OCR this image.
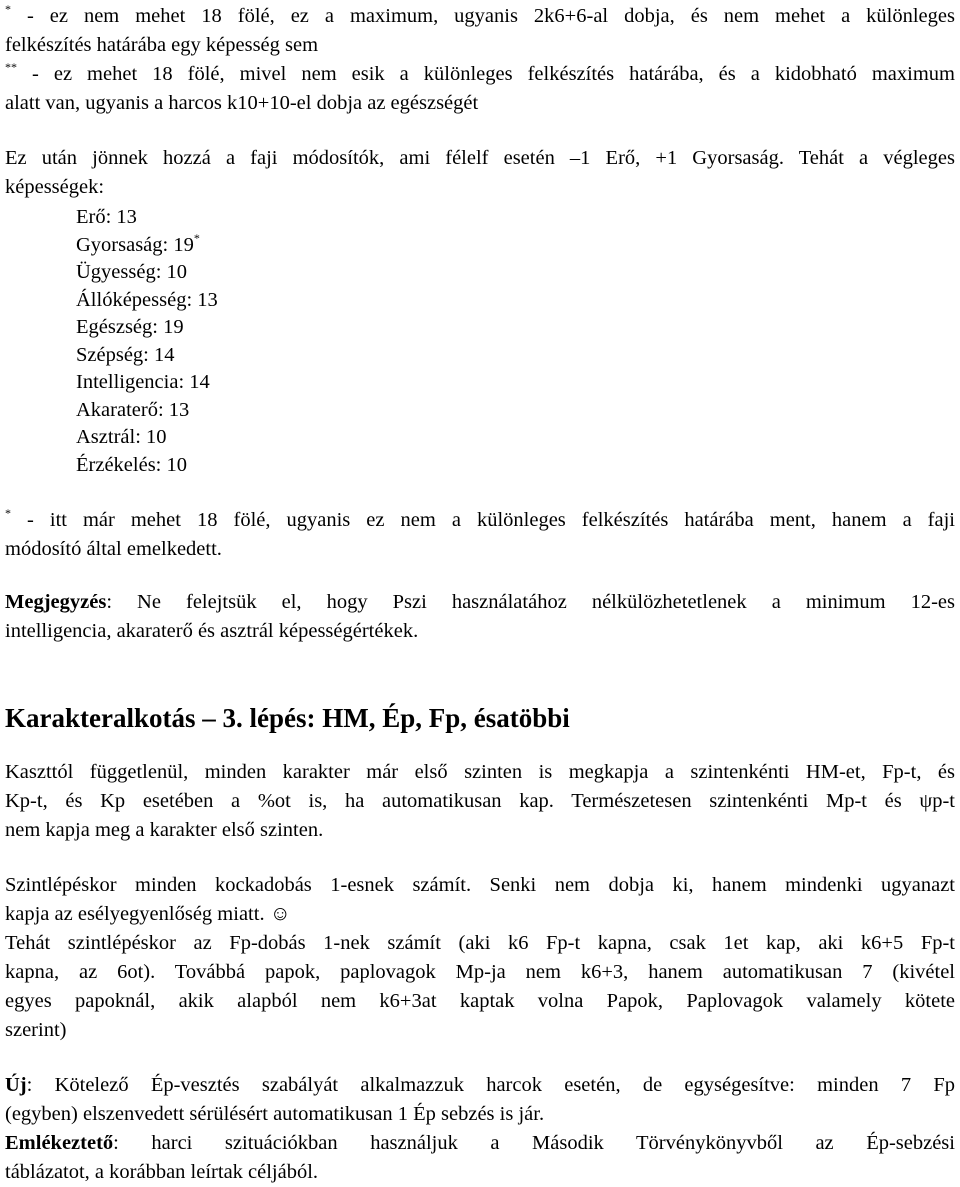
* - ez nem mehet 18 fölé, ez a maximum, ugyanis 2k6+6-al dobja, és nem mehet a különleges

felkészítés határába egy képesség sem

** - ez mehet 18 fölé, mivel nem esik a különleges felkészítés határába, és a kidobható maximum

alatt van, ugyanis a harcos k10+10-el dobja az egészségét

Ez után jönnek hozzá a faji módosítók, ami félelf esetén –1 Erő, +1 Gyorsaság. Tehát a végleges

képességek:

Erő: 13
Gyorsaság: 19*
Ügyesség: 10
Állóképesség: 13
Egészség: 19
Szépség: 14
Intelligencia: 14
Akaraterő: 13
Asztrál: 10
Érzékelés: 10

* - itt már mehet 18 fölé, ugyanis ez nem a különleges felkészítés határába ment, hanem a faji

módosító által emelkedett.

Megjegyzés: Ne felejtsük el, hogy Pszi használatához nélkülözhetetlenek a minimum 12-es

intelligencia, akaraterő és asztrál képességértékek.

Karakteralkotás – 3. lépés: HM, Ép, Fp, ésatöbbi

Kaszttól függetlenül, minden karakter már első szinten is megkapja a szintenkénti HM-et, Fp-t, és

Kp-t, és Kp esetében a %ot is, ha automatikusan kap. Természetesen szintenkénti Mp-t és ψp-t

nem kapja meg a karakter első szinten.

Szintlépéskor minden kockadobás 1-esnek számít. Senki nem dobja ki, hanem mindenki ugyanazt

kapja az esélyegyenlőség miatt. ☺

Tehát szintlépéskor az Fp-dobás 1-nek számít (aki k6 Fp-t kapna, csak 1et kap, aki k6+5 Fp-t

kapna, az 6ot). Továbbá papok, paplovagok Mp-ja nem k6+3, hanem automatikusan 7 (kivétel

egyes papoknál, akik alapból nem k6+3at kaptak volna Papok, Paplovagok valamely kötete

szerint)

Új: Kötelező Ép-vesztés szabályát alkalmazzuk harcok esetén, de egységesítve: minden 7 Fp

(egyben) elszenvedett sérülésért automatikusan 1 Ép sebzés is jár.

Emlékeztető: harci szituációkban használjuk a Második Törvénykönyvből az Ép-sebzési

táblázatot, a korábban leírtak céljából.
